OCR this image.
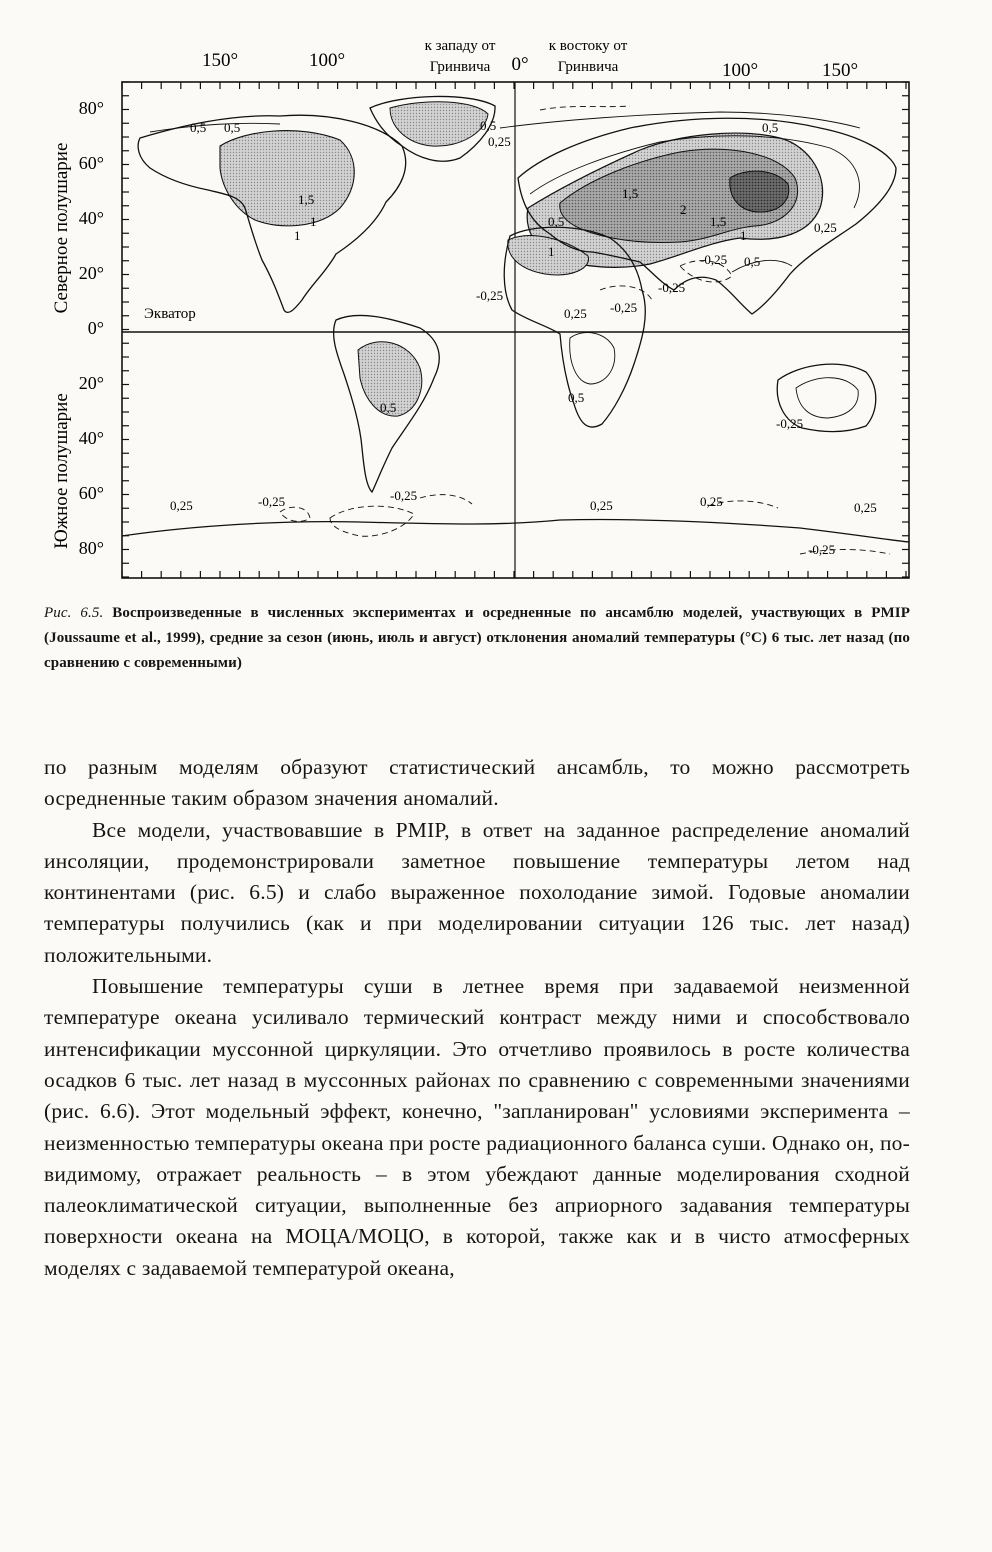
150°	100°
к западу от
Гринвича 0°
к востоку от
Гринвича	100°	150°
Северное полушарие
Южное полушарие
80°
60°
40°
20°
0°
20°
40°
60°
80°
Экватор
0,5	0,5
0,25
1,5
1
0,5
1,5
2
1,5
1
0,25
0,5
0,5
-0,25
0,25 -0,25
-0,25
0,5
1
0,5
0,5
1
-0,25
0,25	-0,25	-0,25
0,25	0,25
-0,25
0,25
-0,25
Рис. 6.5. Воспроизведенные в численных экспериментах и осредненные по ансамблю моделей, участвующих в PMIP (Joussaume et al., 1999), средние за сезон (июнь, июль и август) отклонения аномалий температуры (°С) 6 тыс. лет назад (по сравнению с современными)

по разным моделям образуют статистический ансамбль, то можно рассмотреть осредненные таким образом значения аномалий.

Все модели, участвовавшие в PMIP, в ответ на заданное распределение аномалий инсоляции, продемонстрировали заметное повышение температуры летом над континентами (рис. 6.5) и слабо выраженное похолодание зимой. Годовые аномалии температуры получились (как и при моделировании ситуации 126 тыс. лет назад) положительными.

Повышение температуры суши в летнее время при задаваемой неизменной температуре океана усиливало термический контраст между ними и способствовало интенсификации муссонной циркуляции. Это отчетливо проявилось в росте количества осадков 6 тыс. лет назад в муссонных районах по сравнению с современными значениями (рис. 6.6). Этот модельный эффект, конечно, "запланирован" условиями эксперимента – неизменностью температуры океана при росте радиационного баланса суши. Однако он, по-видимому, отражает реальность – в этом убеждают данные моделирования сходной палеоклиматической ситуации, выполненные без априорного задавания температуры поверхности океана на МОЦА/МОЦО, в которой, также как и в чисто атмосферных моделях с задаваемой температурой океана,
